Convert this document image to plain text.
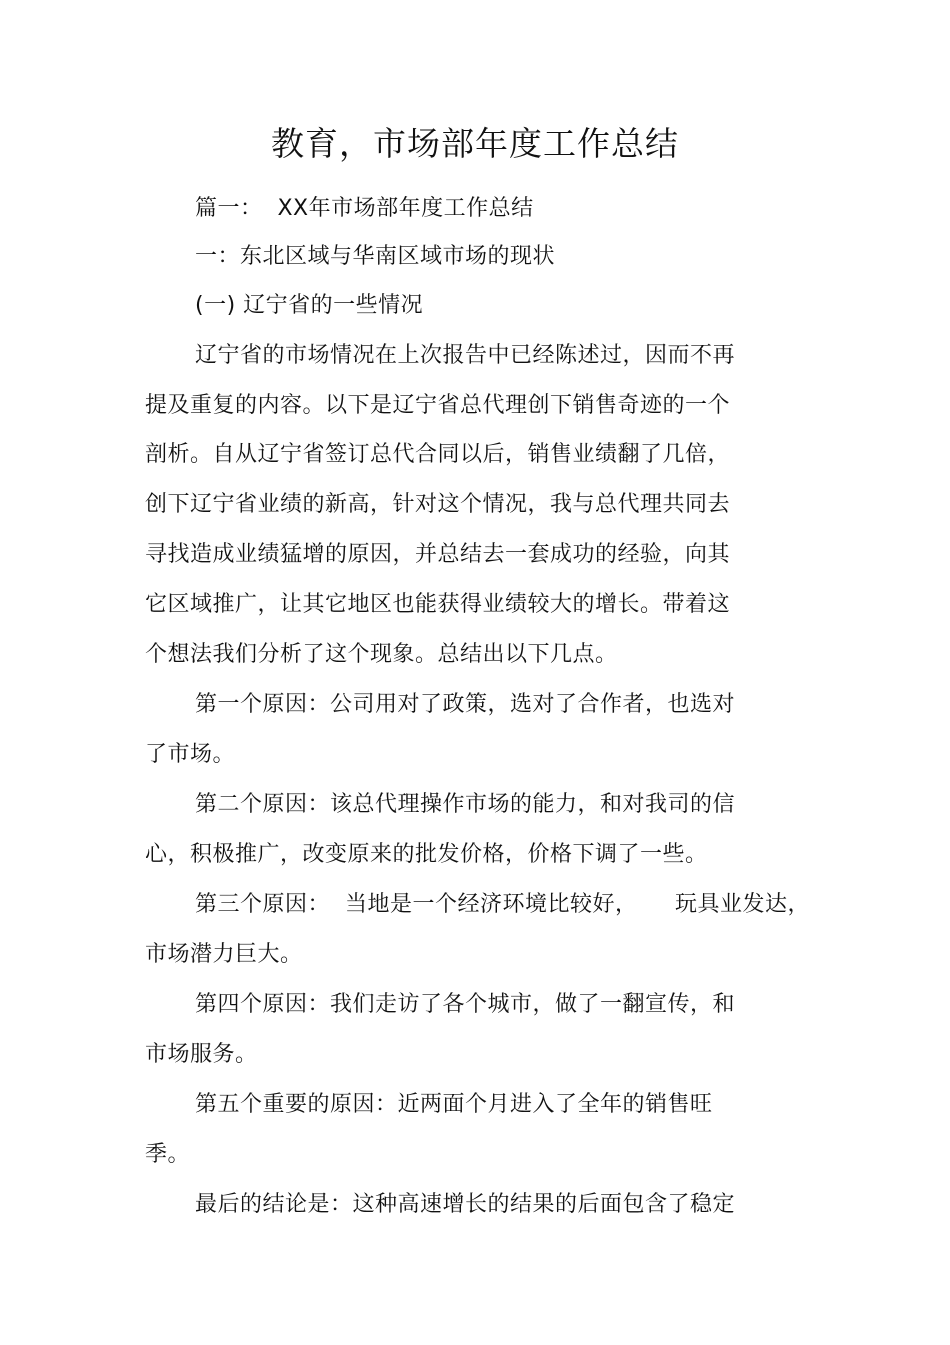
教育，市场部年度工作总结
篇一：  XX年市场部年度工作总结
一：东北区域与华南区域市场的现状
(一) 辽宁省的一些情况
辽宁省的市场情况在上次报告中已经陈述过，因而不再
提及重复的内容。以下是辽宁省总代理创下销售奇迹的一个
剖析。自从辽宁省签订总代合同以后，销售业绩翻了几倍，
创下辽宁省业绩的新高，针对这个情况，我与总代理共同去
寻找造成业绩猛增的原因，并总结去一套成功的经验，向其
它区域推广，让其它地区也能获得业绩较大的增长。带着这
个想法我们分析了这个现象。总结出以下几点。
第一个原因：公司用对了政策，选对了合作者，也选对
了市场。
第二个原因：该总代理操作市场的能力，和对我司的信
心，积极推广，改变原来的批发价格，价格下调了一些。
第三个原因：  当地是一个经济环境比较好，     玩具业发达，
市场潜力巨大。
第四个原因：我们走访了各个城市，做了一翻宣传，和
市场服务。
第五个重要的原因：近两面个月进入了全年的销售旺
季。
最后的结论是：这种高速增长的结果的后面包含了稳定
